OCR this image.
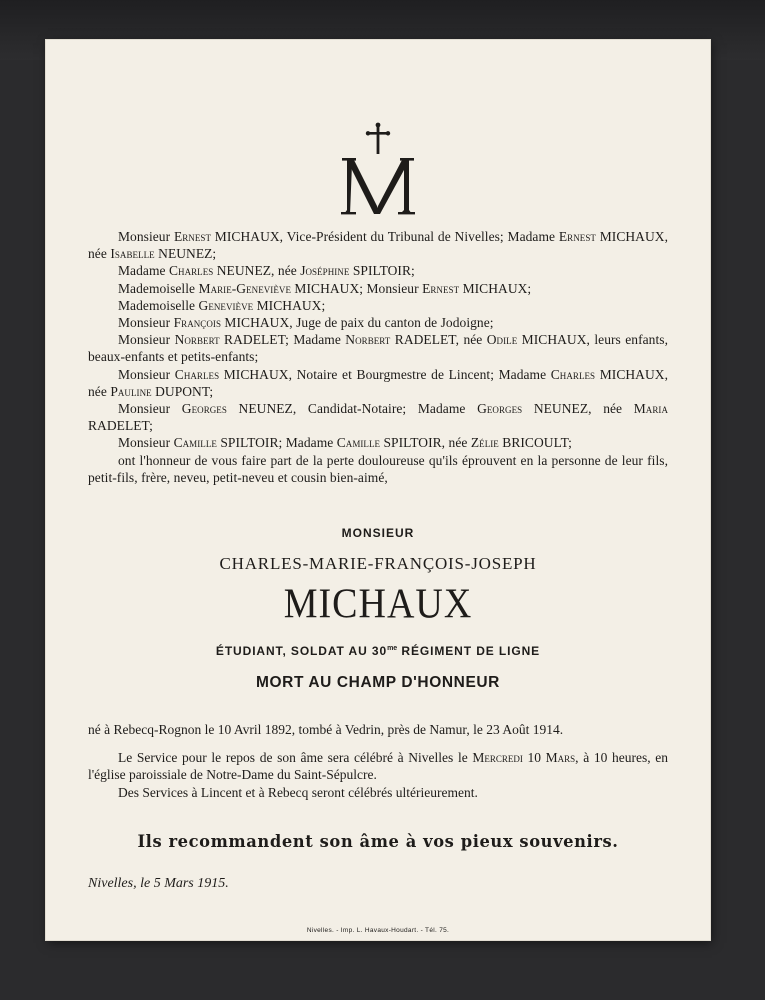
Monsieur Ernest MICHAUX, Vice-Président du Tribunal de Nivelles; Madame Ernest MICHAUX, née Isabelle NEUNEZ;

Madame Charles NEUNEZ, née Joséphine SPILTOIR;

Mademoiselle Marie-Geneviève MICHAUX; Monsieur Ernest MICHAUX;

Mademoiselle Geneviève MICHAUX;

Monsieur François MICHAUX, Juge de paix du canton de Jodoigne;

Monsieur Norbert RADELET; Madame Norbert RADELET, née Odile MICHAUX, leurs enfants, beaux-enfants et petits-enfants;

Monsieur Charles MICHAUX, Notaire et Bourgmestre de Lincent; Madame Charles MICHAUX, née Pauline DUPONT;

Monsieur Georges NEUNEZ, Candidat-Notaire; Madame Georges NEUNEZ, née Maria RADELET;

Monsieur Camille SPILTOIR; Madame Camille SPILTOIR, née Zélie BRICOULT;

ont l'honneur de vous faire part de la perte douloureuse qu'ils éprouvent en la personne de leur fils, petit-fils, frère, neveu, petit-neveu et cousin bien-aimé,

MONSIEUR
CHARLES-MARIE-FRANÇOIS-JOSEPH
MICHAUX
ÉTUDIANT, SOLDAT AU $30^{me}$ RÉGIMENT DE LIGNE
MORT AU CHAMP D'HONNEUR

né à Rebecq-Rognon le 10 Avril 1892, tombé à Vedrin, près de Namur, le 23 Août 1914.

Le Service pour le repos de son âme sera célébré à Nivelles le Mercredi 10 Mars, à 10 heures, en l'église paroissiale de Notre-Dame du Saint-Sépulcre.

Des Services à Lincent et à Rebecq seront célébrés ultérieurement.

Ils recommandent son âme à vos pieux souvenirs.
Nivelles, le 5 Mars 1915.
Nivelles. - Imp. L. Havaux-Houdart. - Tél. 75.
